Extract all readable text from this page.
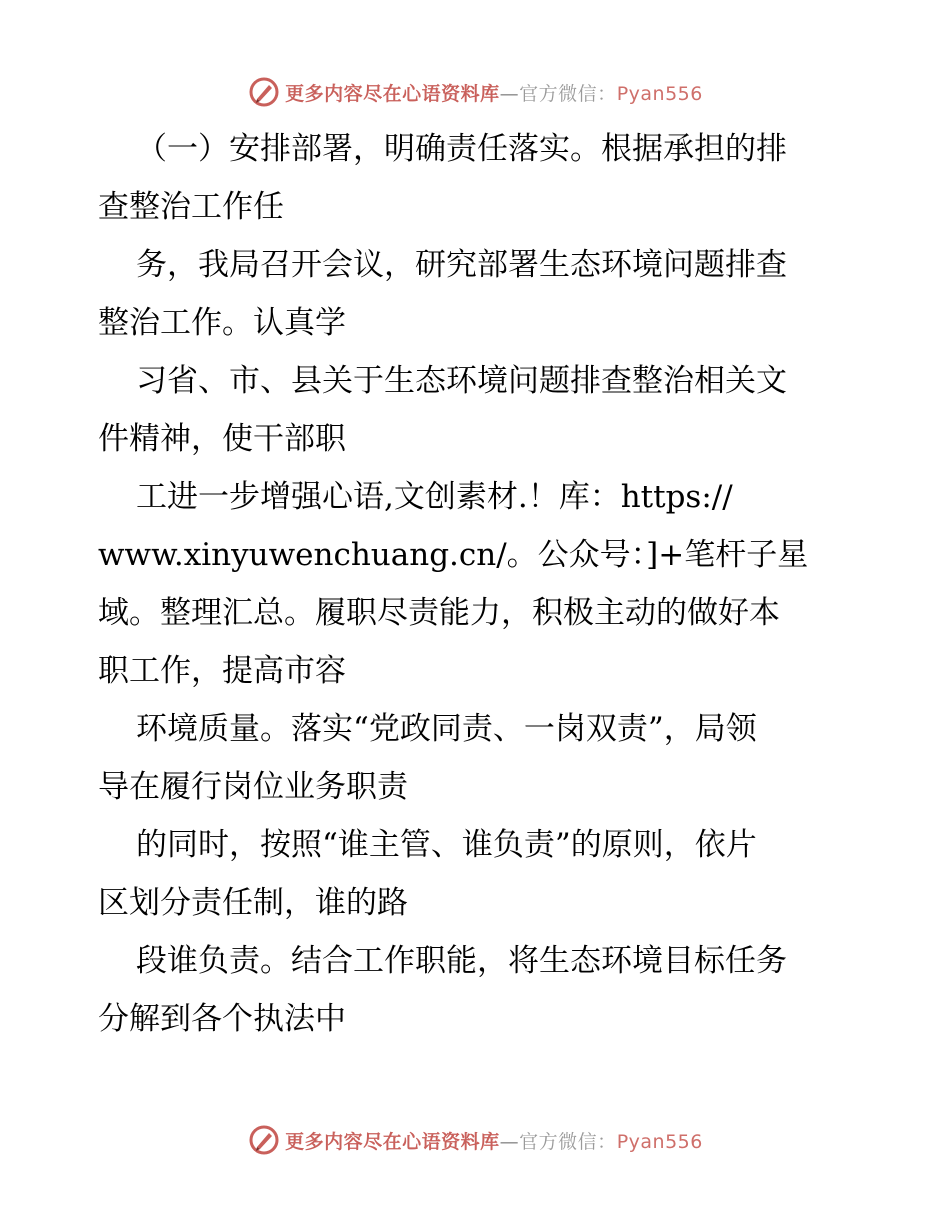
更多内容尽在心语资料库—官方微信：Pyan556
（一）安排部署，明确责任落实。根据承担的排
查整治工作任
务，我局召开会议，研究部署生态环境问题排查
整治工作。认真学
习省、市、县关于生态环境问题排查整治相关文
件精神，使干部职
工进一步增强心语,文创素材.！库：https://
www.xinyuwenchuang.cn/。公众号：]+笔杆子星
域。整理汇总。履职尽责能力，积极主动的做好本
职工作，提高市容
环境质量。落实“党政同责、一岗双责”，局领
导在履行岗位业务职责
的同时，按照“谁主管、谁负责”的原则，依片
区划分责任制，谁的路
段谁负责。结合工作职能，将生态环境目标任务
分解到各个执法中
更多内容尽在心语资料库—官方微信：Pyan556
